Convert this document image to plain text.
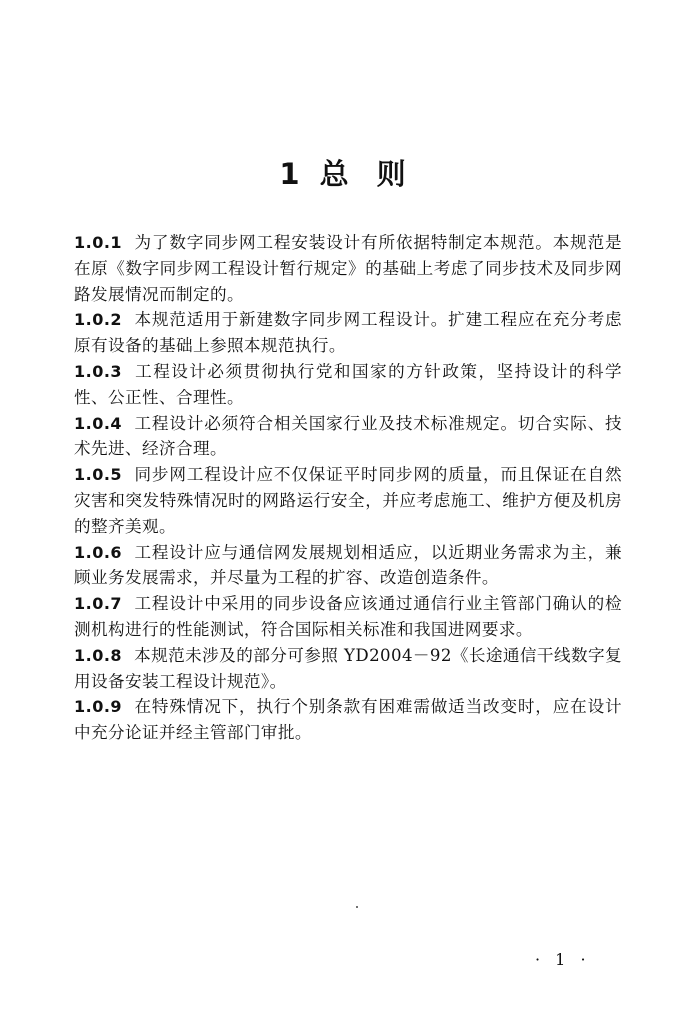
1 总 则

1.0.1 为了数字同步网工程安装设计有所依据特制定本规范。本规范是在原《数字同步网工程设计暂行规定》的基础上考虑了同步技术及同步网路发展情况而制定的。

1.0.2 本规范适用于新建数字同步网工程设计。扩建工程应在充分考虑原有设备的基础上参照本规范执行。

1.0.3 工程设计必须贯彻执行党和国家的方针政策，坚持设计的科学性、公正性、合理性。

1.0.4 工程设计必须符合相关国家行业及技术标准规定。切合实际、技术先进、经济合理。

1.0.5 同步网工程设计应不仅保证平时同步网的质量，而且保证在自然灾害和突发特殊情况时的网路运行安全，并应考虑施工、维护方便及机房的整齐美观。

1.0.6 工程设计应与通信网发展规划相适应，以近期业务需求为主，兼顾业务发展需求，并尽量为工程的扩容、改造创造条件。

1.0.7 工程设计中采用的同步设备应该通过通信行业主管部门确认的检测机构进行的性能测试，符合国际相关标准和我国进网要求。

1.0.8 本规范未涉及的部分可参照 YD2004－92《长途通信干线数字复用设备安装工程设计规范》。

1.0.9 在特殊情况下，执行个别条款有困难需做适当改变时，应在设计中充分论证并经主管部门审批。

· 1 ·
